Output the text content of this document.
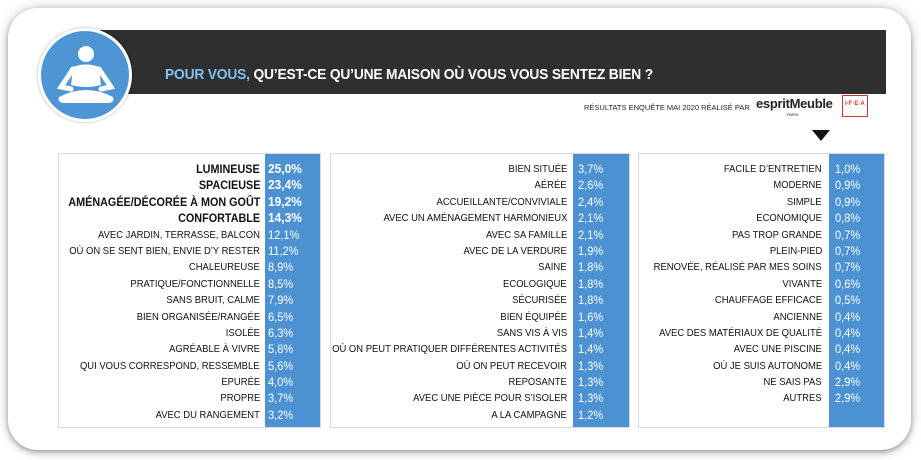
POUR VOUS, QU’EST-CE QU’UNE MAISON OÙ VOUS VOUS SENTEZ BIEN ?
RÉSULTATS ENQUÊTE MAI 2020 RÉALISÉ PAR espritMeuble
PARIS
I·F·E·A
LUMINEUSE 25,0%
SPACIEUSE 23,4%
AMÉNAGÉE/DÉCORÉE À MON GOÛT 19,2%
CONFORTABLE 14,3%
AVEC JARDIN, TERRASSE, BALCON 12,1%
OÙ ON SE SENT BIEN, ENVIE D’Y RESTER 11,2%
CHALEUREUSE 8,9%
PRATIQUE/FONCTIONNELLE 8,5%
SANS BRUIT, CALME 7,9%
BIEN ORGANISÉE/RANGÉE 6,5%
ISOLÉE 6,3%
AGRÉABLE À VIVRE 5,8%
QUI VOUS CORRESPOND, RESSEMBLE 5,6%
EPURÉE 4,0%
PROPRE 3,7%
AVEC DU RANGEMENT 3,2%
BIEN SITUÉE 3,7%
AÉRÉE 2,6%
ACCUEILLANTE/CONVIVIALE 2,4%
AVEC UN AMÉNAGEMENT HARMONIEUX 2,1%
AVEC SA FAMILLE 2,1%
AVEC DE LA VERDURE 1,9%
SAINE 1,8%
ECOLOGIQUE 1,8%
SÉCURISÉE 1,8%
BIEN ÉQUIPÉE 1,6%
SANS VIS À VIS 1,4%
OÙ ON PEUT PRATIQUER DIFFÉRENTES ACTIVITÉS 1,4%
OÙ ON PEUT RECEVOIR 1,3%
REPOSANTE 1,3%
AVEC UNE PIÈCE POUR S’ISOLER 1,3%
A LA CAMPAGNE 1,2%
FACILE D’ENTRETIEN 1,0%
MODERNE 0,9%
SIMPLE 0,9%
ECONOMIQUE 0,8%
PAS TROP GRANDE 0,7%
PLEIN-PIED 0,7%
RENOVÉE, RÉALISÉ PAR MES SOINS 0,7%
VIVANTE 0,6%
CHAUFFAGE EFFICACE 0,5%
ANCIENNE 0,4%
AVEC DES MATÉRIAUX DE QUALITÉ 0,4%
AVEC UNE PISCINE 0,4%
OÙ JE SUIS AUTONOME 0,4%
NE SAIS PAS 2,9%
AUTRES 2,9%
